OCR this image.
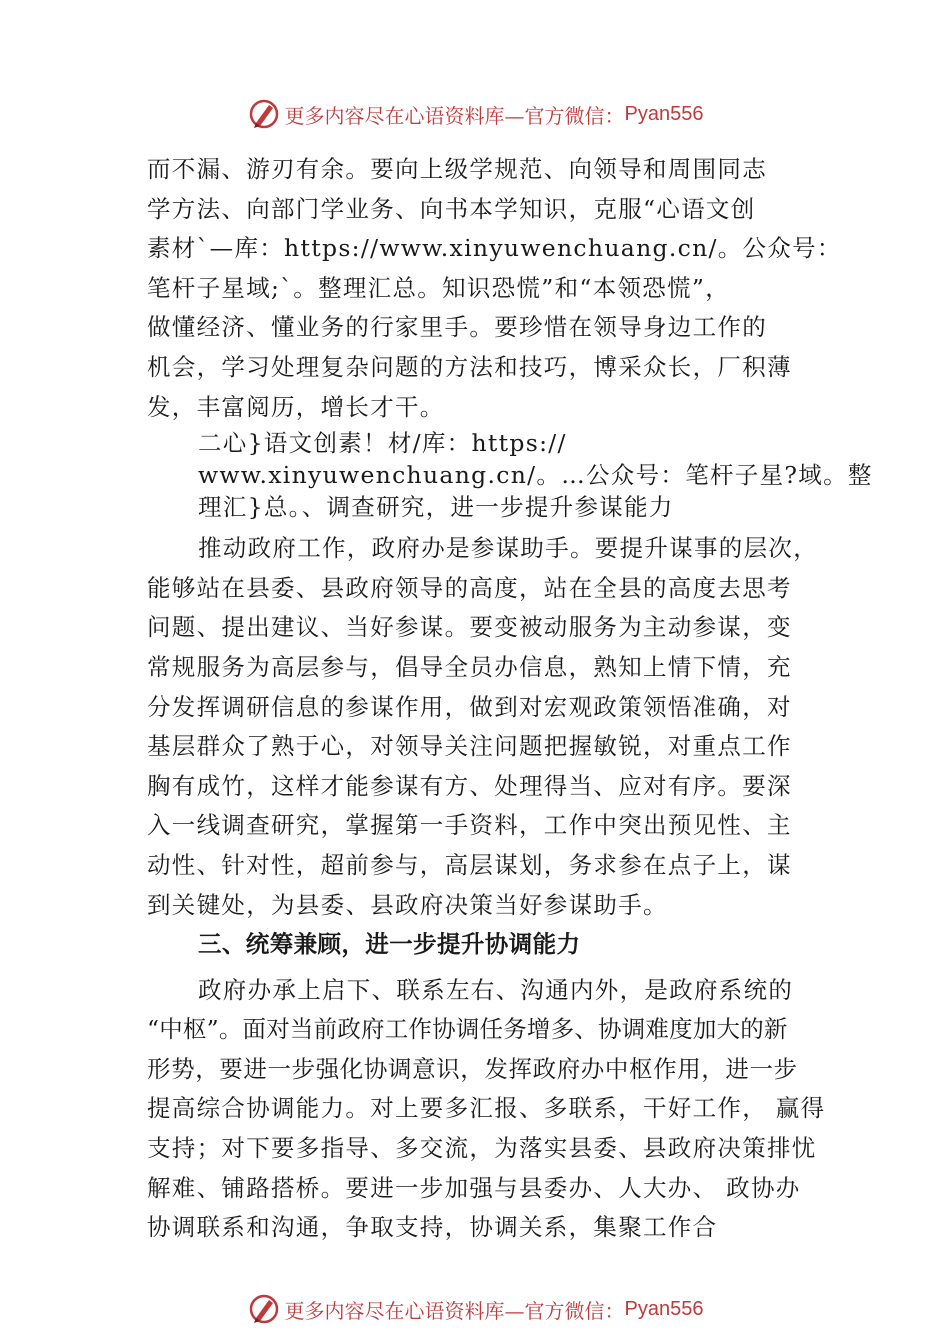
更多内容尽在心语资料库—官方微信： Pyan556
而不漏、游刃有余。要向上级学规范、向领导和周围同志
学方法、向部门学业务、向书本学知识，克服“心语文创
素材`—库：https://www.xinyuwenchuang.cn/。公众号：
笔杆子星域;`。整理汇总。知识恐慌”和“本领恐慌”，
做懂经济、懂业务的行家里手。要珍惜在领导身边工作的
机会，学习处理复杂问题的方法和技巧，博采众长，⼚积薄
发，丰富阅历，增长才干。
二心}语文创素！材/库：https://
www.xinyuwenchuang.cn/。…公众号：笔杆子星?域。整
理汇}总。、调查研究，进一步提升参谋能力
推动政府工作，政府办是参谋助手。要提升谋事的层次，
能够站在县委、县政府领导的高度，站在全县的高度去思考
问题、提出建议、当好参谋。要变被动服务为主动参谋，变
常规服务为高层参与，倡导全员办信息，熟知上情下情，充
分发挥调研信息的参谋作用，做到对宏观政策领悟准确，对
基层群众了熟于心，对领导关注问题把握敏锐，对重点工作
胸有成竹，这样才能参谋有方、处理得当、应对有序。要深
入一线调查研究，掌握第一手资料，工作中突出预见性、主
动性、针对性，超前参与，高层谋划，务求参在点子上，谋
到关键处，为县委、县政府决策当好参谋助手。
三、统筹兼顾，进一步提升协调能力
政府办承上启下、联系左右、沟通内外，是政府系统的
“中枢”。面对当前政府工作协调任务增多、协调难度加大的新
形势，要进一步强化协调意识，发挥政府办中枢作用，进一步
提高综合协调能力。对上要多汇报、多联系，干好工作， 赢得
支持；对下要多指导、多交流，为落实县委、县政府决策排忧
解难、铺路搭桥。要进一步加强与县委办、人大办、 政协办
协调联系和沟通，争取支持，协调关系，集聚工作合
更多内容尽在心语资料库—官方微信： Pyan556
